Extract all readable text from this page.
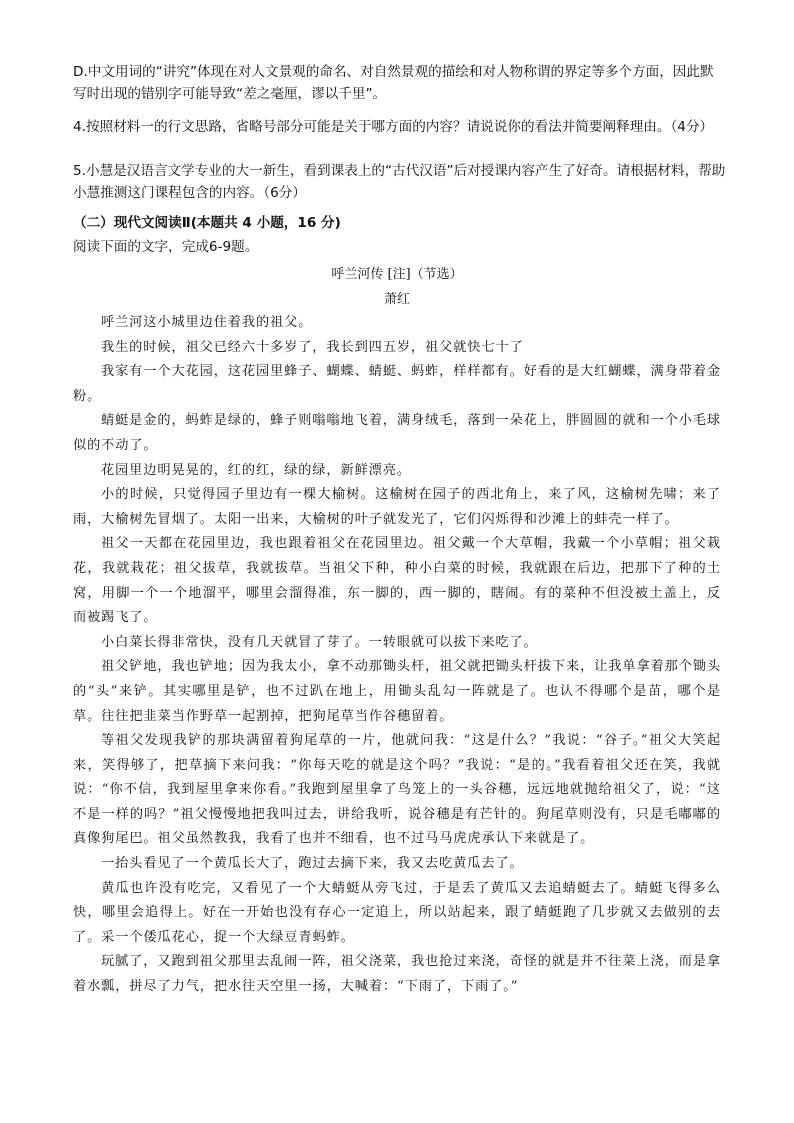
D.中文用词的“讲究”体现在对人文景观的命名、对自然景观的描绘和对人物称谓的界定等多个方面，因此默写时出现的错别字可能导致“差之毫厘，谬以千里”。
4.按照材料一的行文思路，省略号部分可能是关于哪方面的内容？请说说你的看法并简要阐释理由。（4分）
5.小慧是汉语言文学专业的大一新生，看到课表上的“古代汉语”后对授课内容产生了好奇。请根据材料，帮助小慧推测这门课程包含的内容。（6分）
（二）现代文阅读Ⅱ(本题共 4 小题，16 分)
阅读下面的文字，完成6-9题。
呼兰河传 [注]（节选）
萧红

呼兰河这小城里边住着我的祖父。

我生的时候，祖父已经六十多岁了，我长到四五岁，祖父就快七十了

我家有一个大花园，这花园里蜂子、蝴蝶、蜻蜓、蚂蚱，样样都有。好看的是大红蝴蝶，满身带着金粉。

蜻蜓是金的，蚂蚱是绿的，蜂子则嗡嗡地飞着，满身绒毛，落到一朵花上，胖圆圆的就和一个小毛球似的不动了。

花园里边明晃晃的，红的红，绿的绿，新鲜漂亮。

小的时候，只觉得园子里边有一棵大榆树。这榆树在园子的西北角上，来了风，这榆树先啸；来了雨，大榆树先冒烟了。太阳一出来，大榆树的叶子就发光了，它们闪烁得和沙滩上的蚌壳一样了。

祖父一天都在花园里边，我也跟着祖父在花园里边。祖父戴一个大草帽，我戴一个小草帽；祖父栽花，我就栽花；祖父拔草，我就拔草。当祖父下种，种小白菜的时候，我就跟在后边，把那下了种的土窝，用脚一个一个地溜平，哪里会溜得准，东一脚的，西一脚的，瞎闹。有的菜种不但没被土盖上，反而被踢飞了。

小白菜长得非常快，没有几天就冒了芽了。一转眼就可以拔下来吃了。

祖父铲地，我也铲地；因为我太小，拿不动那锄头杆，祖父就把锄头杆拔下来，让我单拿着那个锄头的“头”来铲。其实哪里是铲，也不过趴在地上，用锄头乱勾一阵就是了。也认不得哪个是苗，哪个是草。往往把韭菜当作野草一起割掉，把狗尾草当作谷穗留着。

等祖父发现我铲的那块满留着狗尾草的一片，他就问我：“这是什么？”我说：“谷子。”祖父大笑起来，笑得够了，把草摘下来问我：“你每天吃的就是这个吗？”我说：“是的。”我看着祖父还在笑，我就说：“你不信，我到屋里拿来你看。”我跑到屋里拿了鸟笼上的一头谷穗，远远地就抛给祖父了，说：“这不是一样的吗？”祖父慢慢地把我叫过去，讲给我听，说谷穗是有芒针的。狗尾草则没有，只是毛嘟嘟的真像狗尾巴。祖父虽然教我，我看了也并不细看，也不过马马虎虎承认下来就是了。

一抬头看见了一个黄瓜长大了，跑过去摘下来，我又去吃黄瓜去了。

黄瓜也许没有吃完，又看见了一个大蜻蜓从旁飞过，于是丢了黄瓜又去追蜻蜓去了。蜻蜓飞得多么快，哪里会追得上。好在一开始也没有存心一定追上，所以站起来，跟了蜻蜓跑了几步就又去做别的去了。采一个倭瓜花心，捉一个大绿豆青蚂蚱。

玩腻了，又跑到祖父那里去乱闹一阵，祖父浇菜，我也抢过来浇，奇怪的就是并不往菜上浇，而是拿着水瓢，拼尽了力气，把水往天空里一扬，大喊着：“下雨了，下雨了。”
